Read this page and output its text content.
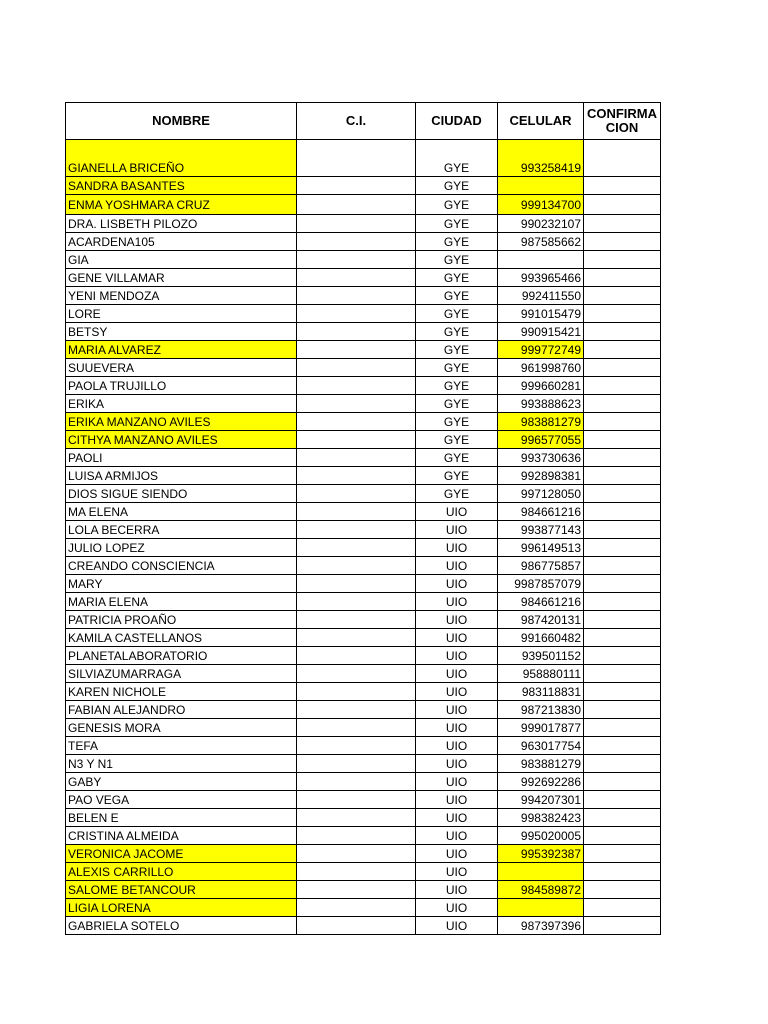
NOMBRE	C.I.	CIUDAD	CELULAR	CONFIRMA CION
GIANELLA BRICEÑO		GYE	993258419	
SANDRA BASANTES		GYE		
ENMA YOSHMARA CRUZ		GYE	999134700	
DRA. LISBETH PILOZO		GYE	990232107	
ACARDENA105		GYE	987585662	
GIA		GYE		
GENE VILLAMAR		GYE	993965466	
YENI MENDOZA		GYE	992411550	
LORE		GYE	991015479	
BETSY		GYE	990915421	
MARIA ALVAREZ		GYE	999772749	
SUUEVERA		GYE	961998760	
PAOLA TRUJILLO		GYE	999660281	
ERIKA		GYE	993888623	
ERIKA MANZANO AVILES		GYE	983881279	
CITHYA MANZANO AVILES		GYE	996577055	
PAOLI		GYE	993730636	
LUISA ARMIJOS		GYE	992898381	
DIOS SIGUE SIENDO		GYE	997128050	
MA ELENA		UIO	984661216	
LOLA BECERRA		UIO	993877143	
JULIO LOPEZ		UIO	996149513	
CREANDO CONSCIENCIA		UIO	986775857	
MARY		UIO	9987857079	
MARIA ELENA		UIO	984661216	
PATRICIA PROAÑO		UIO	987420131	
KAMILA CASTELLANOS		UIO	991660482	
PLANETALABORATORIO		UIO	939501152	
SILVIAZUMARRAGA		UIO	958880111	
KAREN NICHOLE		UIO	983118831	
FABIAN ALEJANDRO		UIO	987213830	
GENESIS MORA		UIO	999017877	
TEFA		UIO	963017754	
N3 Y N1		UIO	983881279	
GABY		UIO	992692286	
PAO VEGA		UIO	994207301	
BELEN E		UIO	998382423	
CRISTINA ALMEIDA		UIO	995020005	
VERONICA JACOME		UIO	995392387	
ALEXIS CARRILLO		UIO		
SALOME BETANCOUR		UIO	984589872	
LIGIA LORENA		UIO		
GABRIELA SOTELO		UIO	987397396	
